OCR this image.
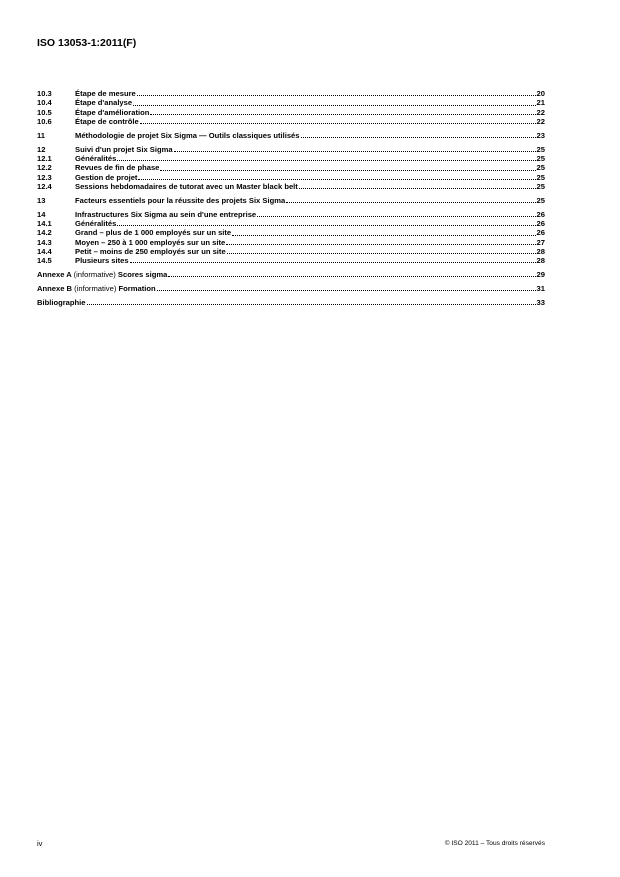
ISO 13053-1:2011(F)
10.3	Étape de mesure	20
10.4	Étape d'analyse	21
10.5	Étape d'amélioration	22
10.6	Étape de contrôle	22
11	Méthodologie de projet Six Sigma — Outils classiques utilisés	23
12	Suivi d'un projet Six Sigma	25
12.1	Généralités	25
12.2	Revues de fin de phase	25
12.3	Gestion de projet	25
12.4	Sessions hebdomadaires de tutorat avec un Master black belt	25
13	Facteurs essentiels pour la réussite des projets Six Sigma	25
14	Infrastructures Six Sigma au sein d'une entreprise	26
14.1	Généralités	26
14.2	Grand – plus de 1 000 employés sur un site	26
14.3	Moyen – 250 à 1 000 employés sur un site	27
14.4	Petit – moins de 250 employés sur un site	28
14.5	Plusieurs sites	28
Annexe A (informative) Scores sigma	29
Annexe B (informative) Formation	31
Bibliographie	33
iv	© ISO 2011 – Tous droits réservés
